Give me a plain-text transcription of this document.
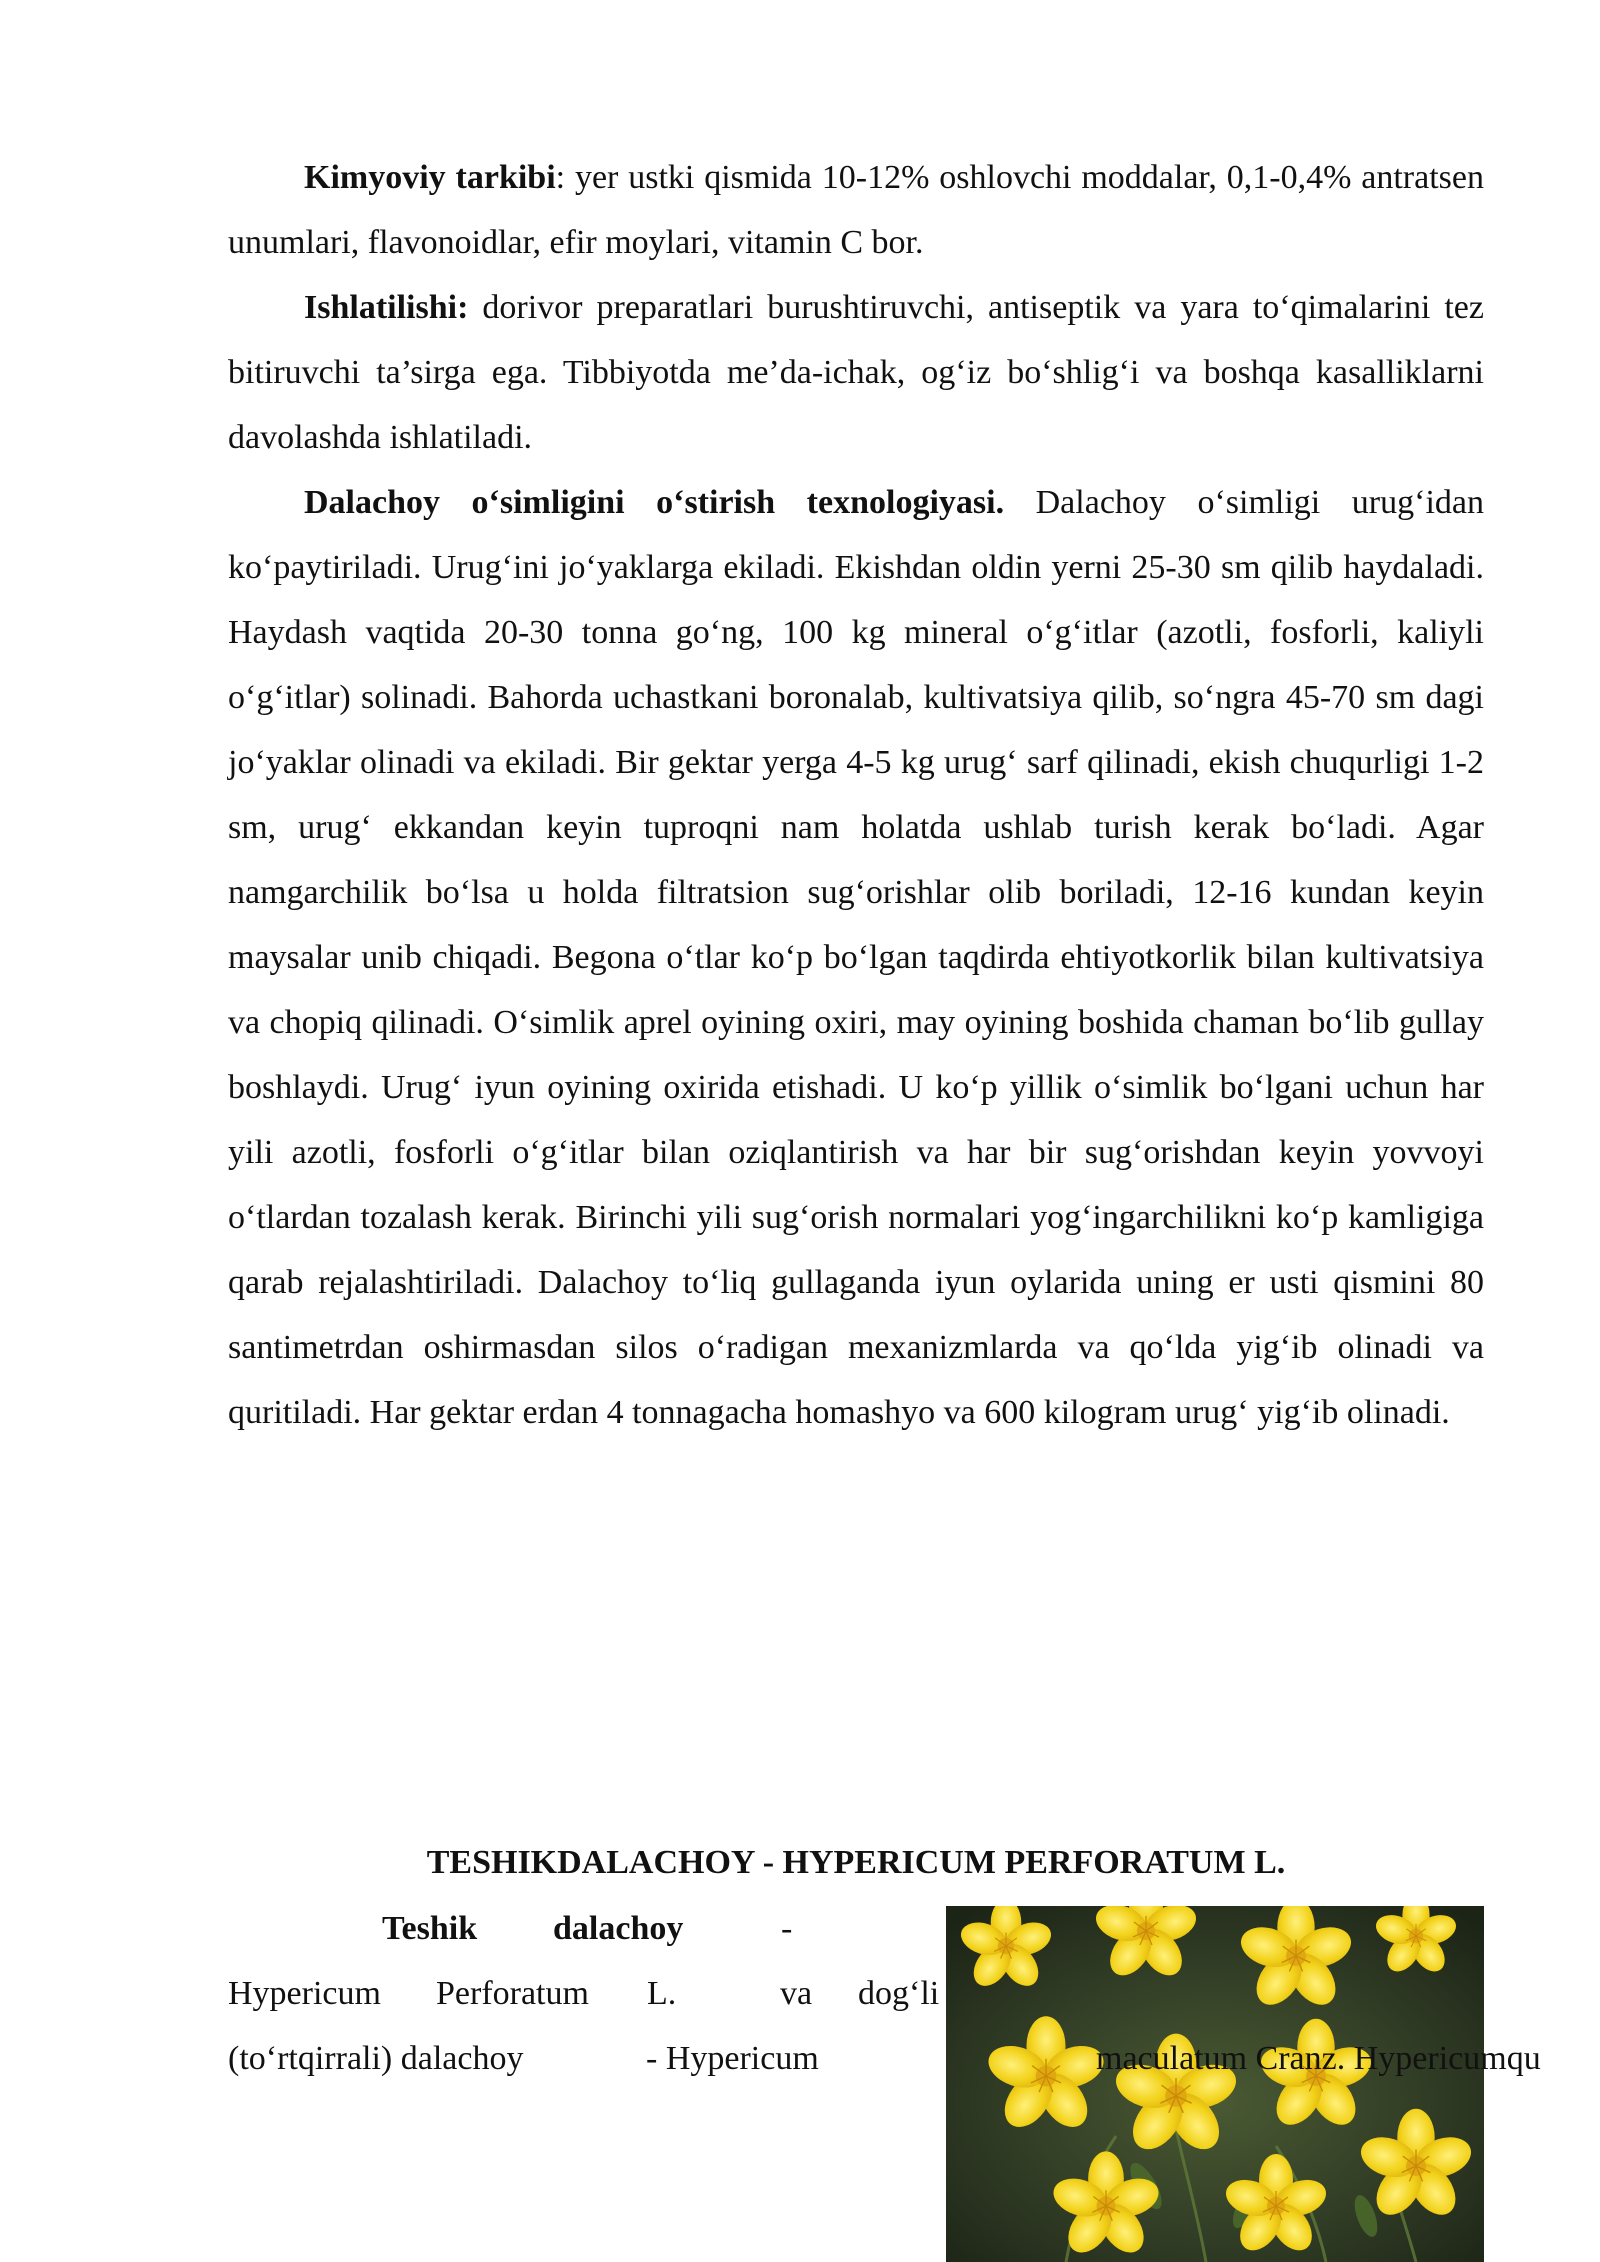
Kimyoviy tarkibi: yer ustki qismida 10-12% oshlovchi moddalar, 0,1-0,4% antratsen unumlari, flavonoidlar, efir moylari, vitamin C bor.

Ishlatilishi: dorivor preparatlari burushtiruvchi, antiseptik va yara to‘qimalarini tez bitiruvchi ta’sirga ega. Tibbiyotda me’da-ichak, og‘iz bo‘shlig‘i va boshqa kasalliklarni davolashda ishlatiladi.

Dalachoy o‘simligini o‘stirish texnologiyasi. Dalachoy o‘simligi urug‘idan ko‘paytiriladi. Urug‘ini jo‘yaklarga ekiladi. Ekishdan oldin yerni 25-30 sm qilib haydaladi. Haydash vaqtida 20-30 tonna go‘ng, 100 kg mineral o‘g‘itlar (azotli, fosforli, kaliyli o‘g‘itlar) solinadi. Bahorda uchastkani boronalab, kultivatsiya qilib, so‘ngra 45-70 sm dagi jo‘yaklar olinadi va ekiladi. Bir gektar yerga 4-5 kg urug‘ sarf qilinadi, ekish chuqurligi 1-2 sm, urug‘ ekkandan keyin tuproqni nam holatda ushlab turish kerak bo‘ladi. Agar namgarchilik bo‘lsa u holda filtratsion sug‘orishlar olib boriladi, 12-16 kundan keyin maysalar unib chiqadi. Begona o‘tlar ko‘p bo‘lgan taqdirda ehtiyotkorlik bilan kultivatsiya va chopiq qilinadi. O‘simlik aprel oyining oxiri, may oyining boshida chaman bo‘lib gullay boshlaydi. Urug‘ iyun oyining oxirida etishadi. U ko‘p yillik o‘simlik bo‘lgani uchun har yili azotli, fosforli o‘g‘itlar bilan oziqlantirish va har bir sug‘orishdan keyin yovvoyi o‘tlardan tozalash kerak. Birinchi yili sug‘orish normalari yog‘ingarchilikni ko‘p kamligiga qarab rejalashtiriladi. Dalachoy to‘liq gullaganda iyun oylarida uning er usti qismini 80 santimetrdan oshirmasdan silos o‘radigan mexanizmlarda va qo‘lda yig‘ib olinadi va quritiladi. Har gektar erdan 4 tonnagacha homashyo va 600 kilogram urug‘ yig‘ib olinadi.

TESHIKDALACHOY - HYPERICUM PERFORATUM L.
Teshik dalachoy	-
Hypericum Perforatum L.	va dog‘li
(to‘rtqirrali) dalachoy	- Hypericum	maculatum Cranz. Hypericumqu
